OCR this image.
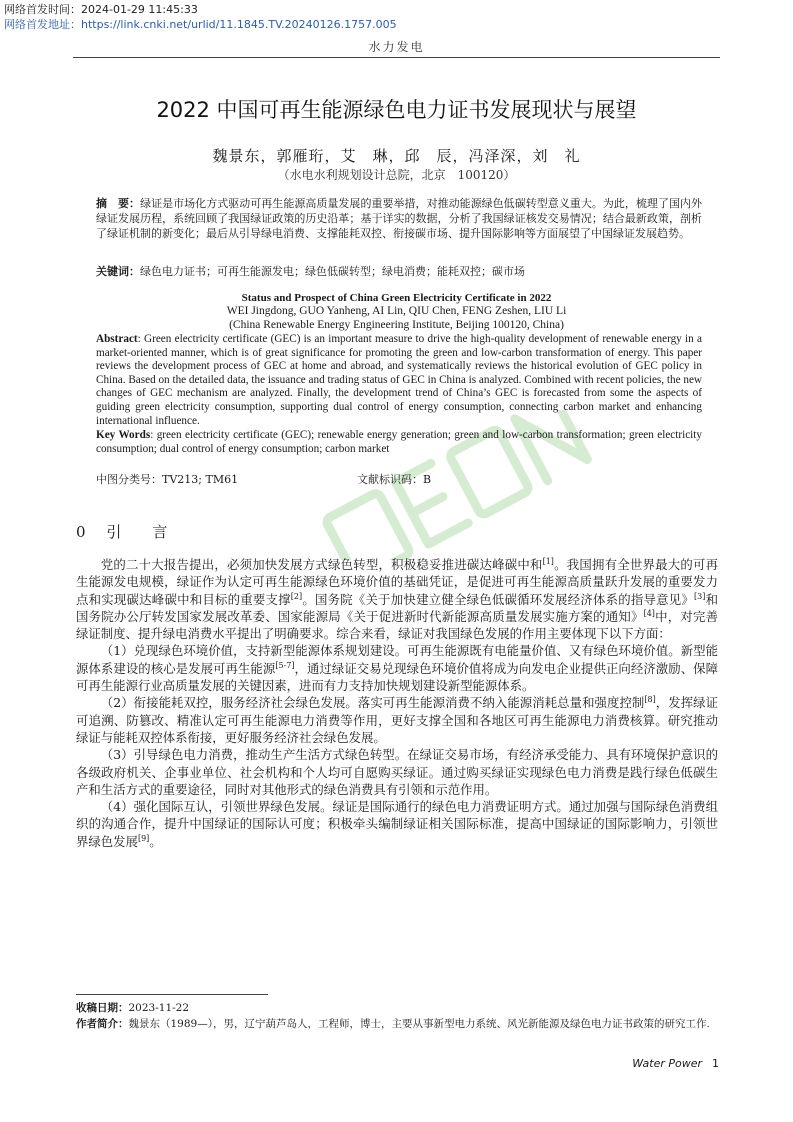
网络首发时间：2024-01-29 11:45:33
网络首发地址：https://link.cnki.net/urlid/11.1845.TV.20240126.1757.005
水力发电
2022 中国可再生能源绿色电力证书发展现状与展望
魏景东，郭雁珩，艾　琳，邱　辰，冯泽深，刘　礼
（水电水利规划设计总院，北京　100120）
摘　要：绿证是市场化方式驱动可再生能源高质量发展的重要举措，对推动能源绿色低碳转型意义重大。为此，梳理了国内外绿证发展历程，系统回顾了我国绿证政策的历史沿革；基于详实的数据，分析了我国绿证核发交易情况；结合最新政策，剖析了绿证机制的新变化；最后从引导绿电消费、支撑能耗双控、衔接碳市场、提升国际影响等方面展望了中国绿证发展趋势。
关键词：绿色电力证书；可再生能源发电；绿色低碳转型；绿电消费；能耗双控；碳市场
Status and Prospect of China Green Electricity Certificate in 2022
WEI Jingdong, GUO Yanheng, AI Lin, QIU Chen, FENG Zeshen, LIU Li
(China Renewable Energy Engineering Institute, Beijing 100120, China)
Abstract: Green electricity certificate (GEC) is an important measure to drive the high-quality development of renewable energy in a market-oriented manner, which is of great significance for promoting the green and low-carbon transformation of energy. This paper reviews the development process of GEC at home and abroad, and systematically reviews the historical evolution of GEC policy in China. Based on the detailed data, the issuance and trading status of GEC in China is analyzed. Combined with recent policies, the new changes of GEC mechanism are analyzed. Finally, the development trend of China’s GEC is forecasted from some the aspects of guiding green electricity consumption, supporting dual control of energy consumption, connecting carbon market and enhancing international influence.
Key Words: green electricity certificate (GEC); renewable energy generation; green and low-carbon transformation; green electricity consumption; dual control of energy consumption; carbon market
中图分类号：TV213; TM61	文献标识码：B
0 引　言

党的二十大报告提出，必须加快发展方式绿色转型，积极稳妥推进碳达峰碳中和[1]。我国拥有全世界最大的可再生能源发电规模，绿证作为认定可再生能源绿色环境价值的基础凭证，是促进可再生能源高质量跃升发展的重要发力点和实现碳达峰碳中和目标的重要支撑[2]。国务院《关于加快建立健全绿色低碳循环发展经济体系的指导意见》[3]和国务院办公厅转发国家发展改革委、国家能源局《关于促进新时代新能源高质量发展实施方案的通知》[4]中，对完善绿证制度、提升绿电消费水平提出了明确要求。综合来看，绿证对我国绿色发展的作用主要体现下以下方面：

（1）兑现绿色环境价值，支持新型能源体系规划建设。可再生能源既有电能量价值、又有绿色环境价值。新型能源体系建设的核心是发展可再生能源[5-7]，通过绿证交易兑现绿色环境价值将成为向发电企业提供正向经济激励、保障可再生能源行业高质量发展的关键因素，进而有力支持加快规划建设新型能源体系。

（2）衔接能耗双控，服务经济社会绿色发展。落实可再生能源消费不纳入能源消耗总量和强度控制[8]，发挥绿证可追溯、防篡改、精准认定可再生能源电力消费等作用，更好支撑全国和各地区可再生能源电力消费核算。研究推动绿证与能耗双控体系衔接，更好服务经济社会绿色发展。

（3）引导绿色电力消费，推动生产生活方式绿色转型。在绿证交易市场，有经济承受能力、具有环境保护意识的各级政府机关、企事业单位、社会机构和个人均可自愿购买绿证。通过购买绿证实现绿色电力消费是践行绿色低碳生产和生活方式的重要途径，同时对其他形式的绿色消费具有引领和示范作用。

（4）强化国际互认，引领世界绿色发展。绿证是国际通行的绿色电力消费证明方式。通过加强与国际绿色消费组织的沟通合作，提升中国绿证的国际认可度；积极牵头编制绿证相关国际标准，提高中国绿证的国际影响力，引领世界绿色发展[9]。

收稿日期：2023-11-22
作者简介：魏景东（1989—），男，辽宁葫芦岛人，工程师，博士，主要从事新型电力系统、风光新能源及绿色电力证书政策的研究工作.
Water Power 1
